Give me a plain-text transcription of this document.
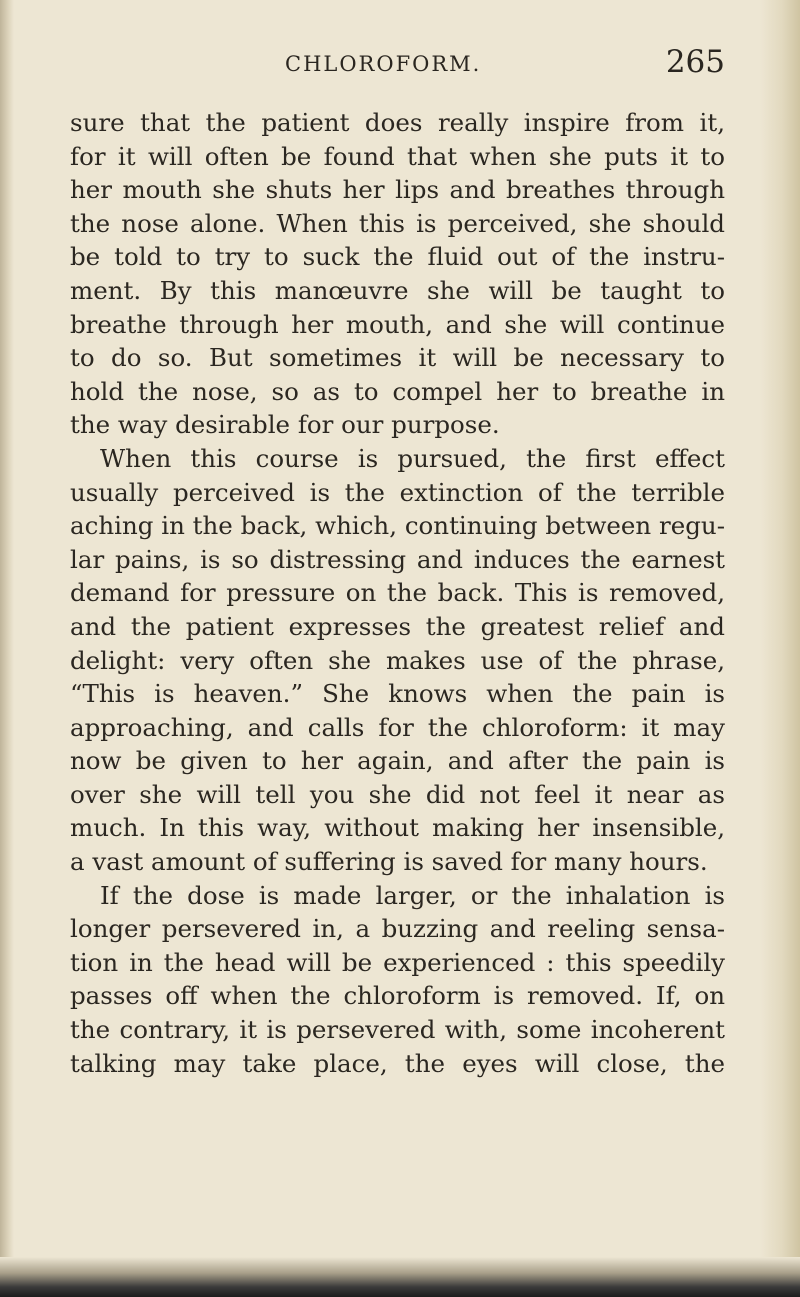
CHLOROFORM.	265
sure that the patient does really inspire from it,
for it will often be found that when she puts it to
her mouth she shuts her lips and breathes through
the nose alone. When this is perceived, she should
be told to try to suck the fluid out of the instru-
ment. By this manœuvre she will be taught to
breathe through her mouth, and she will continue
to do so. But sometimes it will be necessary to
hold the nose, so as to compel her to breathe in
the way desirable for our purpose.
When this course is pursued, the first effect
usually perceived is the extinction of the terrible
aching in the back, which, continuing between regu-
lar pains, is so distressing and induces the earnest
demand for pressure on the back. This is removed,
and the patient expresses the greatest relief and
delight: very often she makes use of the phrase,
“This is heaven.” She knows when the pain is
approaching, and calls for the chloroform: it may
now be given to her again, and after the pain is
over she will tell you she did not feel it near as
much. In this way, without making her insensible,
a vast amount of suffering is saved for many hours.
If the dose is made larger, or the inhalation is
longer persevered in, a buzzing and reeling sensa-
tion in the head will be experienced : this speedily
passes off when the chloroform is removed. If, on
the contrary, it is persevered with, some incoherent
talking may take place, the eyes will close, the
